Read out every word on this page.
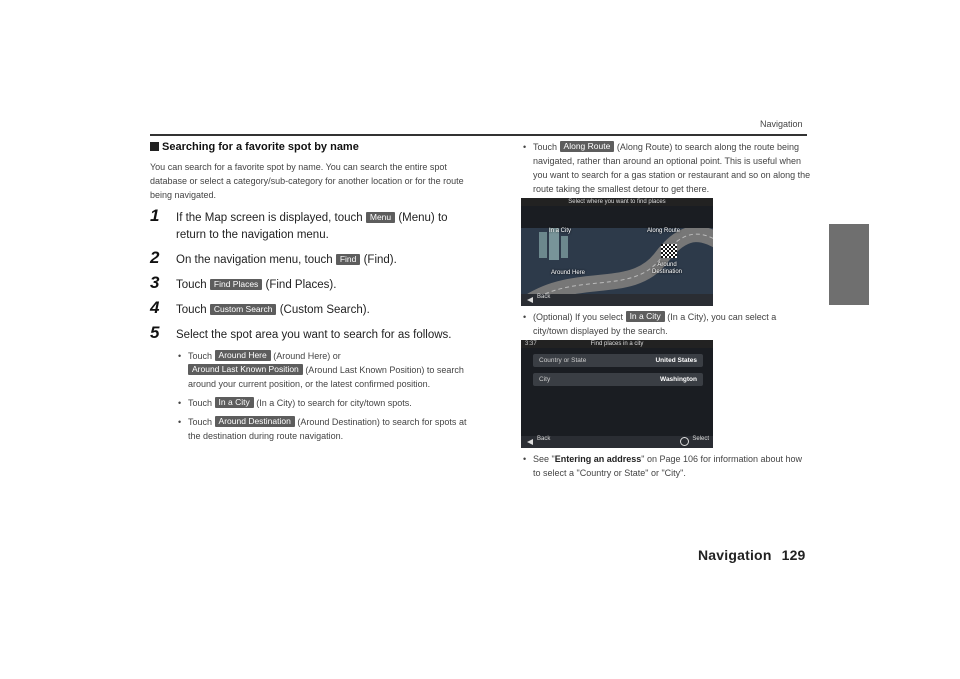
Navigation
Searching for a favorite spot by name
You can search for a favorite spot by name. You can search the entire spot database or select a category/sub-category for another location or for the route being navigated.
1 If the Map screen is displayed, touch Menu (Menu) to return to the navigation menu.
2 On the navigation menu, touch Find (Find).
3 Touch Find Places (Find Places).
4 Touch Custom Search (Custom Search).
5 Select the spot area you want to search for as follows.
• Touch Around Here (Around Here) or
Around Last Known Position (Around Last Known Position) to search around your current position, or the latest confirmed position.
• Touch In a City (In a City) to search for city/town spots.
• Touch Around Destination (Around Destination) to search for spots at the destination during route navigation.
• Touch Along Route (Along Route) to search along the route being navigated, rather than around an optional point. This is useful when you want to search for a gas station or restaurant and so on along the route taking the smallest detour to get there.
Select where you want to find places
In a City	Along Route
Around Here
Around Destination
Back
• (Optional) If you select In a City (In a City), you can select a city/town displayed by the search.
Find places in a city
3:37
Country or State	United States
City	Washington
Back	Select
• See "Entering an address" on Page 106 for information about how to select a "Country or State" or "City".
Navigation 129
